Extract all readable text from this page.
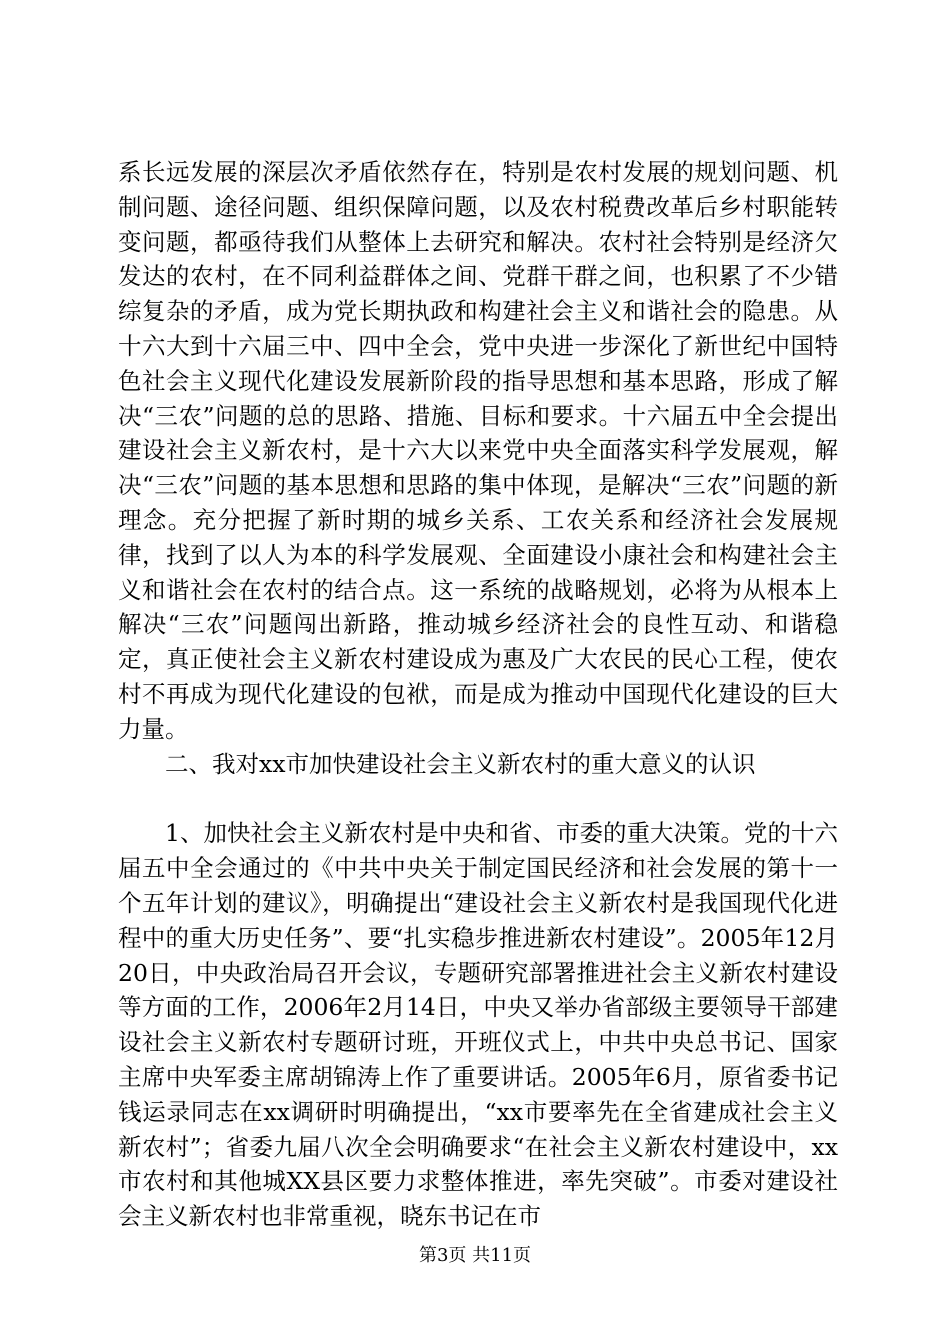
系长远发展的深层次矛盾依然存在，特别是农村发展的规划问题、机制问题、途径问题、组织保障问题，以及农村税费改革后乡村职能转变问题，都亟待我们从整体上去研究和解决。农村社会特别是经济欠发达的农村，在不同利益群体之间、党群干群之间，也积累了不少错综复杂的矛盾，成为党长期执政和构建社会主义和谐社会的隐患。从十六大到十六届三中、四中全会，党中央进一步深化了新世纪中国特色社会主义现代化建设发展新阶段的指导思想和基本思路，形成了解决“三农”问题的总的思路、措施、目标和要求。十六届五中全会提出建设社会主义新农村，是十六大以来党中央全面落实科学发展观，解决“三农”问题的基本思想和思路的集中体现，是解决“三农”问题的新理念。充分把握了新时期的城乡关系、工农关系和经济社会发展规律，找到了以人为本的科学发展观、全面建设小康社会和构建社会主义和谐社会在农村的结合点。这一系统的战略规划，必将为从根本上解决“三农”问题闯出新路，推动城乡经济社会的良性互动、和谐稳定，真正使社会主义新农村建设成为惠及广大农民的民心工程，使农村不再成为现代化建设的包袱，而是成为推动中国现代化建设的巨大力量。

二、我对xx市加快建设社会主义新农村的重大意义的认识

1、加快社会主义新农村是中央和省、市委的重大决策。党的十六届五中全会通过的《中共中央关于制定国民经济和社会发展的第十一个五年计划的建议》，明确提出“建设社会主义新农村是我国现代化进程中的重大历史任务”、要“扎实稳步推进新农村建设”。2005年12月20日，中央政治局召开会议，专题研究部署推进社会主义新农村建设等方面的工作，2006年2月14日，中央又举办省部级主要领导干部建设社会主义新农村专题研讨班，开班仪式上，中共中央总书记、国家主席中央军委主席胡锦涛上作了重要讲话。2005年6月，原省委书记钱运录同志在xx调研时明确提出，“xx市要率先在全省建成社会主义新农村”；省委九届八次全会明确要求“在社会主义新农村建设中，xx市农村和其他城XX县区要力求整体推进，率先突破”。市委对建设社会主义新农村也非常重视，晓东书记在市

第3页 共11页
